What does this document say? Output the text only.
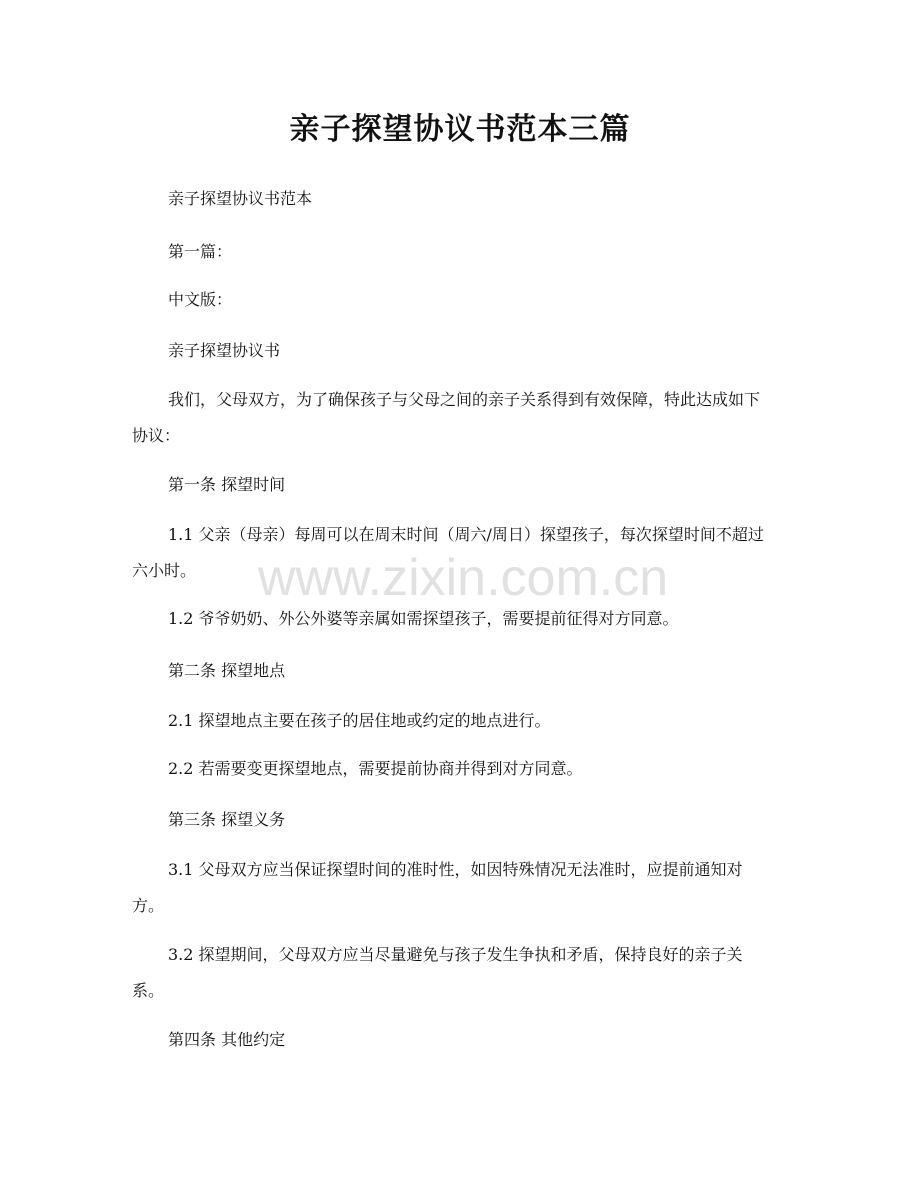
亲子探望协议书范本三篇

亲子探望协议书范本

第一篇：

中文版：

亲子探望协议书

我们，父母双方，为了确保孩子与父母之间的亲子关系得到有效保障，特此达成如下协议：

第一条 探望时间

1.1 父亲（母亲）每周可以在周末时间（周六/周日）探望孩子，每次探望时间不超过六小时。

1.2 爷爷奶奶、外公外婆等亲属如需探望孩子，需要提前征得对方同意。

第二条 探望地点

2.1 探望地点主要在孩子的居住地或约定的地点进行。

2.2 若需要变更探望地点，需要提前协商并得到对方同意。

第三条 探望义务

3.1 父母双方应当保证探望时间的准时性，如因特殊情况无法准时，应提前通知对方。

3.2 探望期间，父母双方应当尽量避免与孩子发生争执和矛盾，保持良好的亲子关系。

第四条 其他约定

www.zixin.com.cn
